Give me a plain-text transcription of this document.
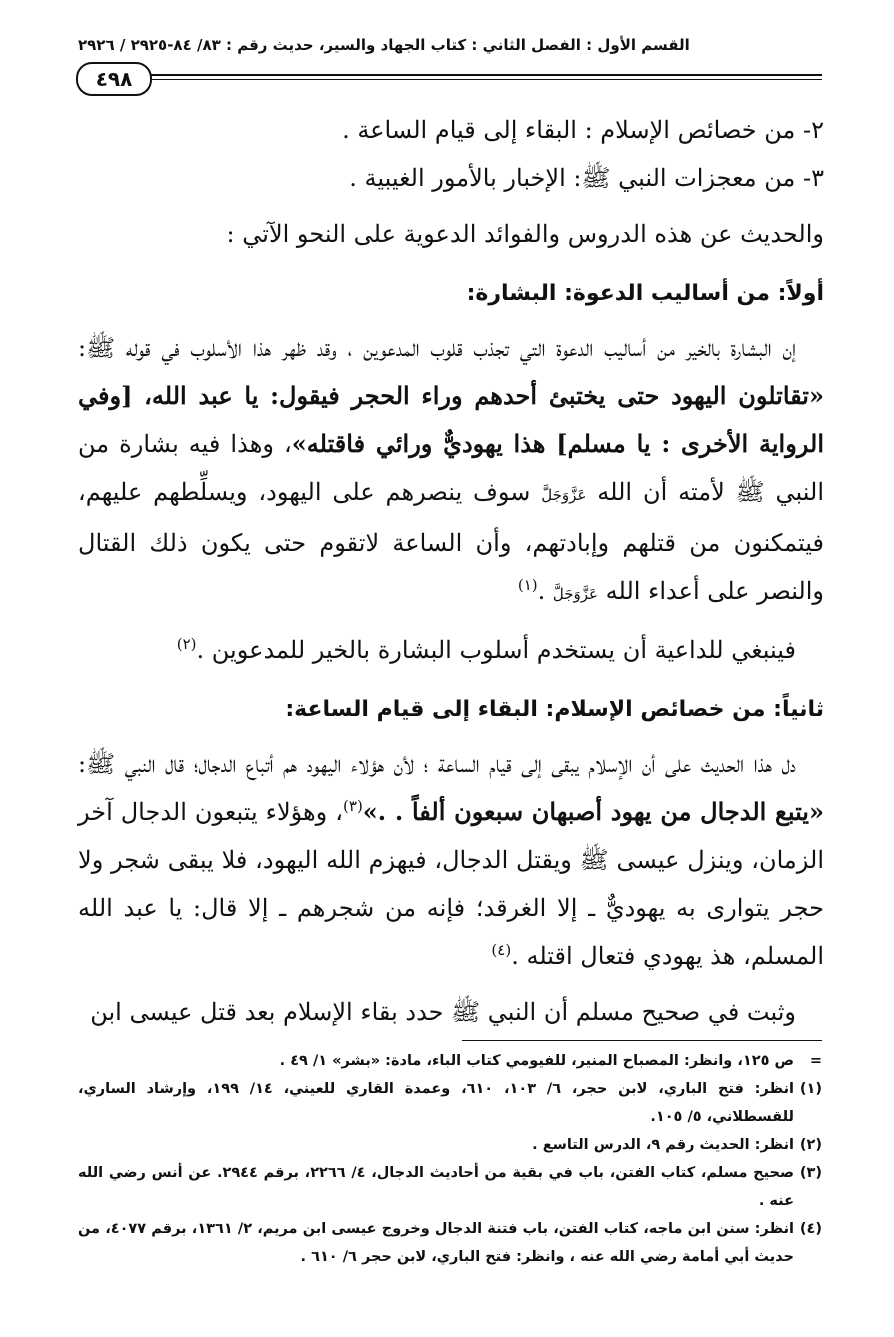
القسم الأول : الفصل الثاني : كتاب الجهاد والسير، حديث رقم : ٨٣/ ٨٤-٢٩٢٥ / ٢٩٢٦
٤٩٨

٢- من خصائص الإسلام : البقاء إلى قيام الساعة .

٣- من معجزات النبي ﷺ: الإخبار بالأمور الغيبية .

والحديث عن هذه الدروس والفوائد الدعوية على النحو الآتي :

أولاً: من أساليب الدعوة: البشارة:

إن البشارة بالخير من أساليب الدعوة التي تجذب قلوب المدعوين ، وقد ظهر هذا الأسلوب في قوله ﷺ: «تقاتلون اليهود حتى يختبئ أحدهم وراء الحجر فيقول: يا عبد الله، [وفي الرواية الأخرى : يا مسلم] هذا يهوديٌّ ورائي فاقتله»، وهذا فيه بشارة من النبي ﷺ لأمته أن الله عَزَّوَجَلَّ سوف ينصرهم على اليهود، ويسلِّطهم عليهم، فيتمكنون من قتلهم وإبادتهم، وأن الساعة لاتقوم حتى يكون ذلك القتال والنصر على أعداء الله عَزَّوَجَلَّ .$^{(١)}$

فينبغي للداعية أن يستخدم أسلوب البشارة بالخير للمدعوين .$^{(٢)}$

ثانياً: من خصائص الإسلام: البقاء إلى قيام الساعة:

دل هذا الحديث على أن الإسلام يبقى إلى قيام الساعة ؛ لأن هؤلاء اليهود هم أتباع الدجال؛ قال النبي ﷺ: «يتبع الدجال من يهود أصبهان سبعون ألفاً . .»$^{(٣)}$، وهؤلاء يتبعون الدجال آخر الزمان، وينزل عيسى ﷺ ويقتل الدجال، فيهزم الله اليهود، فلا يبقى شجر ولا حجر يتوارى به يهوديٌّ ـ إلا الغرقد؛ فإنه من شجرهم ـ إلا قال: يا عبد الله المسلم، هذ يهودي فتعال اقتله .$^{(٤)}$

وثبت في صحيح مسلم أن النبي ﷺ حدد بقاء الإسلام بعد قتل عيسى ابن

=
ص ١٢٥، وانظر: المصباح المنير، للفيومي كتاب الباء، مادة: «بشر» ١/ ٤٩ .
(١)
انظر: فتح الباري، لابن حجر، ٦/ ١٠٣، ٦١٠، وعمدة القاري للعيني، ١٤/ ١٩٩، وإرشاد الساري، للقسطلاني، ٥/ ١٠٥.
(٢)
انظر: الحديث رقم ٩، الدرس التاسع .
(٣)
صحيح مسلم، كتاب الفتن، باب في بقية من أحاديث الدجال، ٤/ ٢٢٦٦، برقم ٢٩٤٤. عن أنس رضي الله عنه .
(٤)
انظر: سنن ابن ماجه، كتاب الفتن، باب فتنة الدجال وخروج عيسى ابن مريم، ٢/ ١٣٦١، برقم ٤٠٧٧، من حديث أبي أمامة رضي الله عنه ، وانظر: فتح الباري، لابن حجر ٦/ ٦١٠ .
